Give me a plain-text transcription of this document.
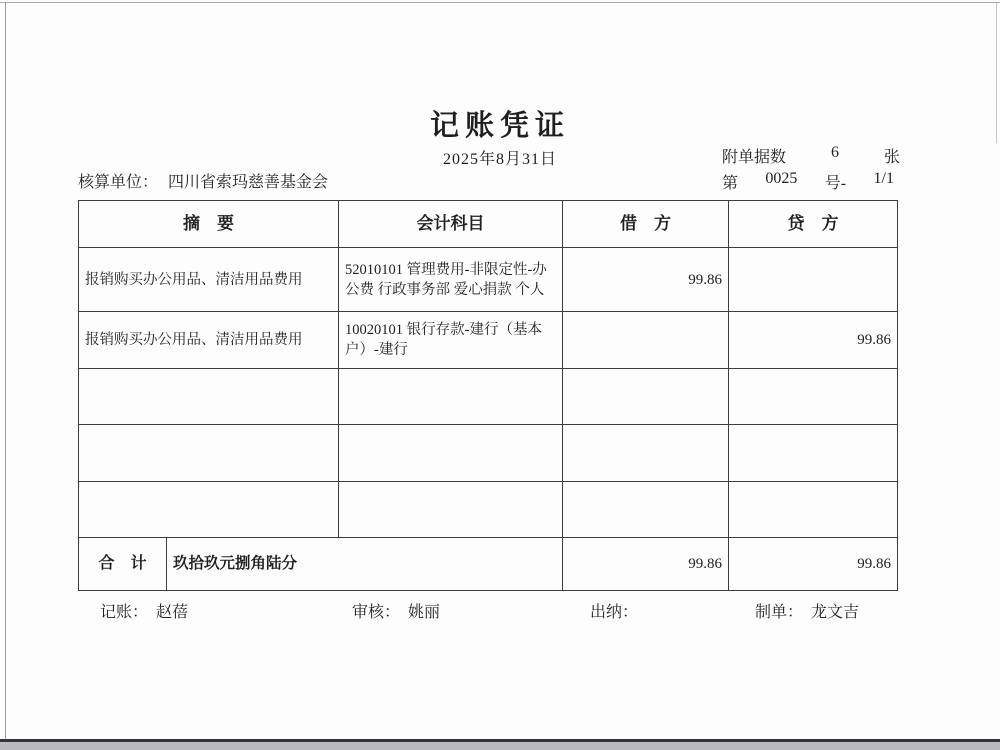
记账凭证
2025年8月31日	附单据数	6	张
第 0025 号- 1/1
核算单位： 四川省索玛慈善基金会
摘　要		会计科目	借　方	贷　方
报销购买办公用品、清洁用品费用		52010101 管理费用-非限定性-办公费 行政事务部 爱心捐款 个人	99.86	
报销购买办公用品、清洁用品费用		10020101 银行存款-建行（基本户）-建行		99.86

合　计	玖拾玖元捌角陆分		99.86	99.86
记账： 赵蓓	审核： 姚丽	出纳：	制单： 龙文吉
